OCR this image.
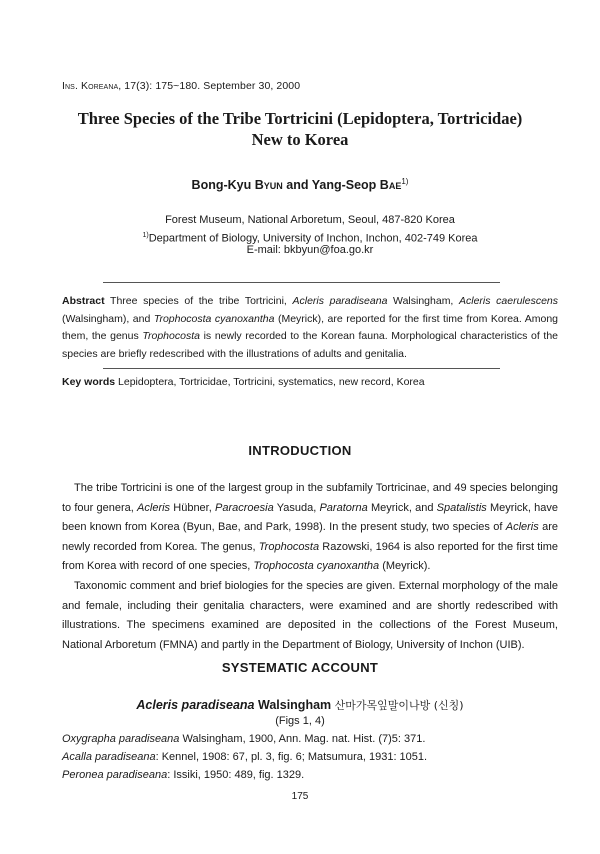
Ins. Koreana, 17(3): 175~180. September 30, 2000
Three Species of the Tribe Tortricini (Lepidoptera, Tortricidae)
New to Korea
Bong-Kyu Byun and Yang-Seop Bae$^{1)}$
Forest Museum, National Arboretum, Seoul, 487-820 Korea
$^{1)}$Department of Biology, University of Inchon, Inchon, 402-749 Korea
E-mail: bkbyun@foa.go.kr
Abstract Three species of the tribe Tortricini, Acleris paradiseana Walsingham, Acleris caerulescens (Walsingham), and Trophocosta cyanoxantha (Meyrick), are reported for the first time from Korea. Among them, the genus Trophocosta is newly recorded to the Korean fauna. Morphological characteristics of the species are briefly redescribed with the illustrations of adults and genitalia.
Key words Lepidoptera, Tortricidae, Tortricini, systematics, new record, Korea
INTRODUCTION
The tribe Tortricini is one of the largest group in the subfamily Tortricinae, and 49 species belonging to four genera, Acleris Hübner, Paracroesia Yasuda, Paratorna Meyrick, and Spatalistis Meyrick, have been known from Korea (Byun, Bae, and Park, 1998). In the present study, two species of Acleris are newly recorded from Korea. The genus, Trophocosta Razowski, 1964 is also reported for the first time from Korea with record of one species, Trophocosta cyanoxantha (Meyrick).
Taxonomic comment and brief biologies for the species are given. External morphology of the male and female, including their genitalia characters, were examined and are shortly redescribed with illustrations. The specimens examined are deposited in the collections of the Forest Museum, National Arboretum (FMNA) and partly in the Department of Biology, University of Inchon (UIB).
SYSTEMATIC ACCOUNT
Acleris paradiseana Walsingham 산마가목잎말이나방 (신칭)
(Figs 1, 4)
Oxygrapha paradiseana Walsingham, 1900, Ann. Mag. nat. Hist. (7)5: 371.
Acalla paradiseana: Kennel, 1908: 67, pl. 3, fig. 6; Matsumura, 1931: 1051.
Peronea paradiseana: Issiki, 1950: 489, fig. 1329.
175
